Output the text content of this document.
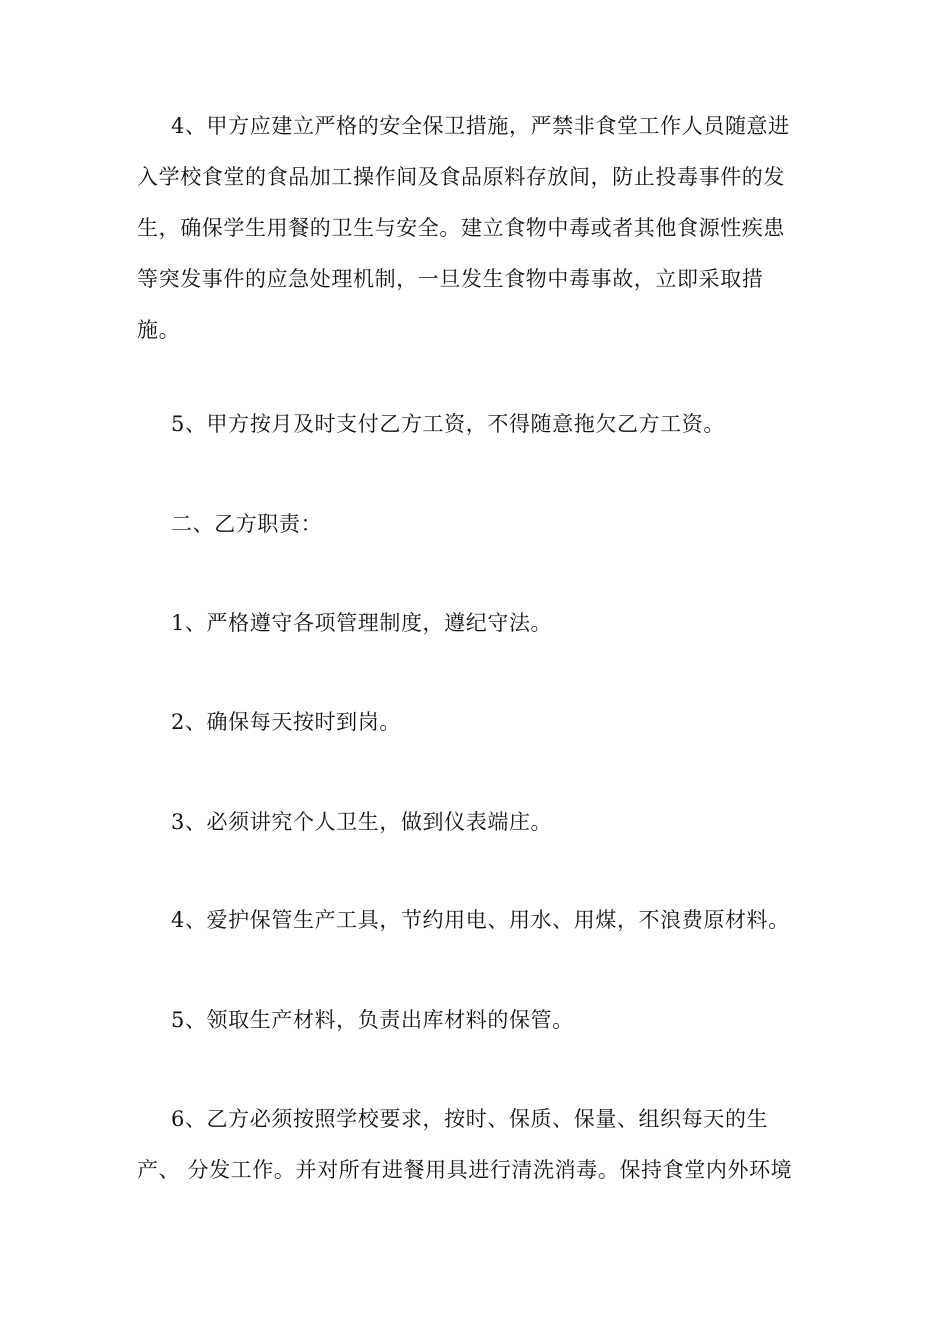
4、甲方应建立严格的安全保卫措施，严禁非食堂工作人员随意进
入学校食堂的食品加工操作间及食品原料存放间，防止投毒事件的发
生，确保学生用餐的卫生与安全。建立食物中毒或者其他食源性疾患
等突发事件的应急处理机制，一旦发生食物中毒事故，立即采取措
施。
5、甲方按月及时支付乙方工资，不得随意拖欠乙方工资。
二、乙方职责：
1、严格遵守各项管理制度，遵纪守法。
2、确保每天按时到岗。
3、必须讲究个人卫生，做到仪表端庄。
4、爱护保管生产工具，节约用电、用水、用煤，不浪费原材料。
5、领取生产材料，负责出库材料的保管。
6、乙方必须按照学校要求，按时、保质、保量、组织每天的生
产、 分发工作。并对所有进餐用具进行清洗消毒。保持食堂内外环境
